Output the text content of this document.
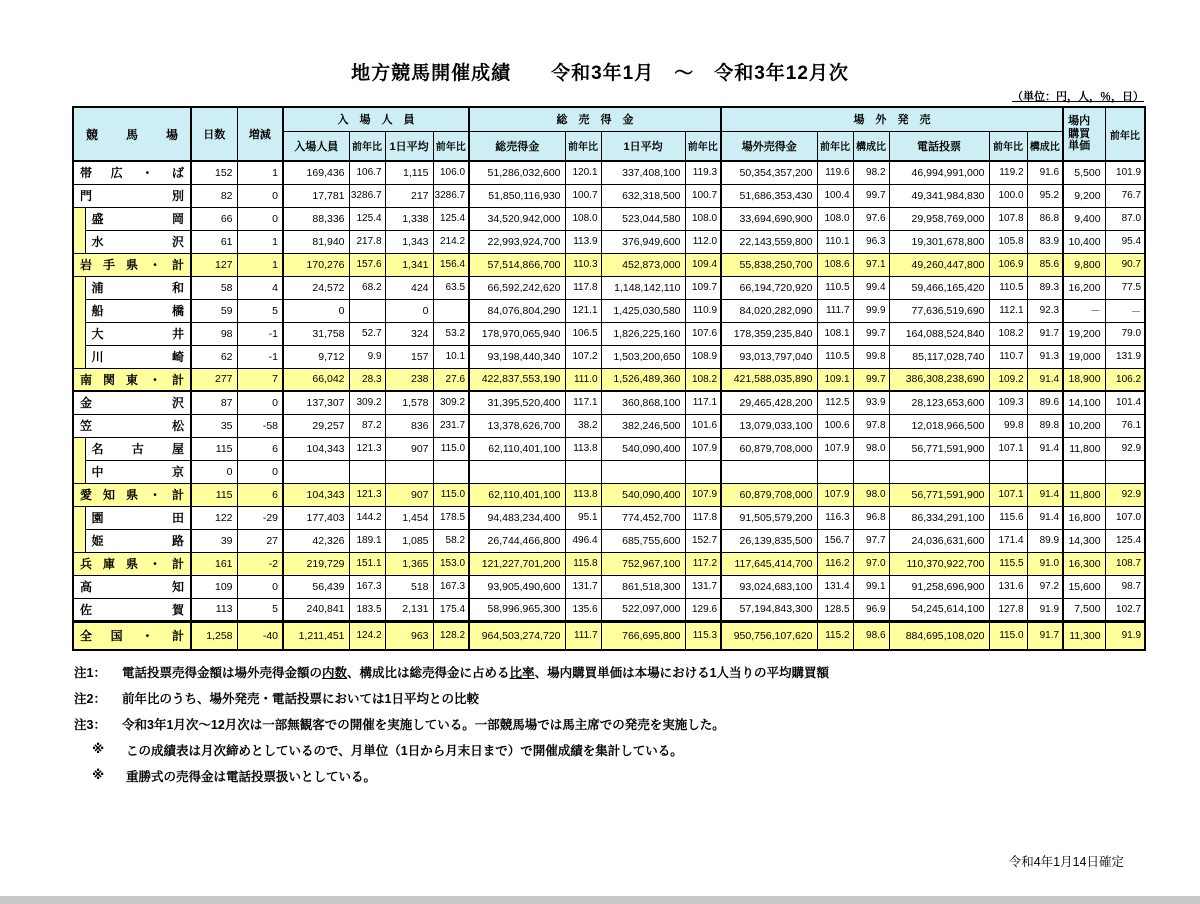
地方競馬開催成績　　令和3年1月　～　令和3年12月次
（単位：円，人，％，日）
競　馬　場		日数	増減	入　場　人　員				総　売　得　金				場　外　発　売						場内購買単価	前年比
				入場人員	前年比	1日平均	前年比	総売得金	前年比	1日平均	前年比	場外売得金	前年比	構成比	電話投票	前年比	構成比		
帯 広 ・ ば		152	1	169,436	106.7	1,115	106.0	51,286,032,600	120.1	337,408,100	119.3	50,354,357,200	119.6	98.2	46,994,991,000	119.2	91.6	5,500	101.9
門 別		82	0	17,781	3286.7	217	3286.7	51,850,116,930	100.7	632,318,500	100.7	51,686,353,430	100.4	99.7	49,341,984,830	100.0	95.2	9,200	76.7
	盛 岡	66	0	88,336	125.4	1,338	125.4	34,520,942,000	108.0	523,044,580	108.0	33,694,690,900	108.0	97.6	29,958,769,000	107.8	86.8	9,400	87.0
	水 沢	61	1	81,940	217.8	1,343	214.2	22,993,924,700	113.9	376,949,600	112.0	22,143,559,800	110.1	96.3	19,301,678,800	105.8	83.9	10,400	95.4
岩 手 県 ・ 計		127	1	170,276	157.6	1,341	156.4	57,514,866,700	110.3	452,873,000	109.4	55,838,250,700	108.6	97.1	49,260,447,800	106.9	85.6	9,800	90.7
	浦 和	58	4	24,572	68.2	424	63.5	66,592,242,620	117.8	1,148,142,110	109.7	66,194,720,920	110.5	99.4	59,466,165,420	110.5	89.3	16,200	77.5
	船 橋	59	5	0		0		84,076,804,290	121.1	1,425,030,580	110.9	84,020,282,090	111.7	99.9	77,636,519,690	112.1	92.3	－	－
	大 井	98	-1	31,758	52.7	324	53.2	178,970,065,940	106.5	1,826,225,160	107.6	178,359,235,840	108.1	99.7	164,088,524,840	108.2	91.7	19,200	79.0
	川 崎	62	-1	9,712	9.9	157	10.1	93,198,440,340	107.2	1,503,200,650	108.9	93,013,797,040	110.5	99.8	85,117,028,740	110.7	91.3	19,000	131.9
南 関 東 ・ 計		277	7	66,042	28.3	238	27.6	422,837,553,190	111.0	1,526,489,360	108.2	421,588,035,890	109.1	99.7	386,308,238,690	109.2	91.4	18,900	106.2
金 沢		87	0	137,307	309.2	1,578	309.2	31,395,520,400	117.1	360,868,100	117.1	29,465,428,200	112.5	93.9	28,123,653,600	109.3	89.6	14,100	101.4
笠 松		35	-58	29,257	87.2	836	231.7	13,378,626,700	38.2	382,246,500	101.6	13,079,033,100	100.6	97.8	12,018,966,500	99.8	89.8	10,200	76.1
	名 古 屋	115	6	104,343	121.3	907	115.0	62,110,401,100	113.8	540,090,400	107.9	60,879,708,000	107.9	98.0	56,771,591,900	107.1	91.4	11,800	92.9
	中 京	0	0																
愛 知 県 ・ 計		115	6	104,343	121.3	907	115.0	62,110,401,100	113.8	540,090,400	107.9	60,879,708,000	107.9	98.0	56,771,591,900	107.1	91.4	11,800	92.9
	園 田	122	-29	177,403	144.2	1,454	178.5	94,483,234,400	95.1	774,452,700	117.8	91,505,579,200	116.3	96.8	86,334,291,100	115.6	91.4	16,800	107.0
	姫 路	39	27	42,326	189.1	1,085	58.2	26,744,466,800	496.4	685,755,600	152.7	26,139,835,500	156.7	97.7	24,036,631,600	171.4	89.9	14,300	125.4
兵 庫 県 ・ 計		161	-2	219,729	151.1	1,365	153.0	121,227,701,200	115.8	752,967,100	117.2	117,645,414,700	116.2	97.0	110,370,922,700	115.5	91.0	16,300	108.7
高 知		109	0	56,439	167.3	518	167.3	93,905,490,600	131.7	861,518,300	131.7	93,024,683,100	131.4	99.1	91,258,696,900	131.6	97.2	15,600	98.7
佐 賀		113	5	240,841	183.5	2,131	175.4	58,996,965,300	135.6	522,097,000	129.6	57,194,843,300	128.5	96.9	54,245,614,100	127.8	91.9	7,500	102.7
全 国 ・ 計		1,258	-40	1,211,451	124.2	963	128.2	964,503,274,720	111.7	766,695,800	115.3	950,756,107,620	115.2	98.6	884,695,108,020	115.0	91.7	11,300	91.9
注1：	電話投票売得金額は場外売得金額の内数、構成比は総売得金に占める比率、場内購買単価は本場における1人当りの平均購買額
注2：	前年比のうち、場外発売・電話投票においては1日平均との比較
注3：	令和3年1月次～12月次は一部無観客での開催を実施している。一部競馬場では馬主席での発売を実施した。
※	この成績表は月次締めとしているので、月単位（1日から月末日まで）で開催成績を集計している。
※	重勝式の売得金は電話投票扱いとしている。
令和4年1月14日確定
